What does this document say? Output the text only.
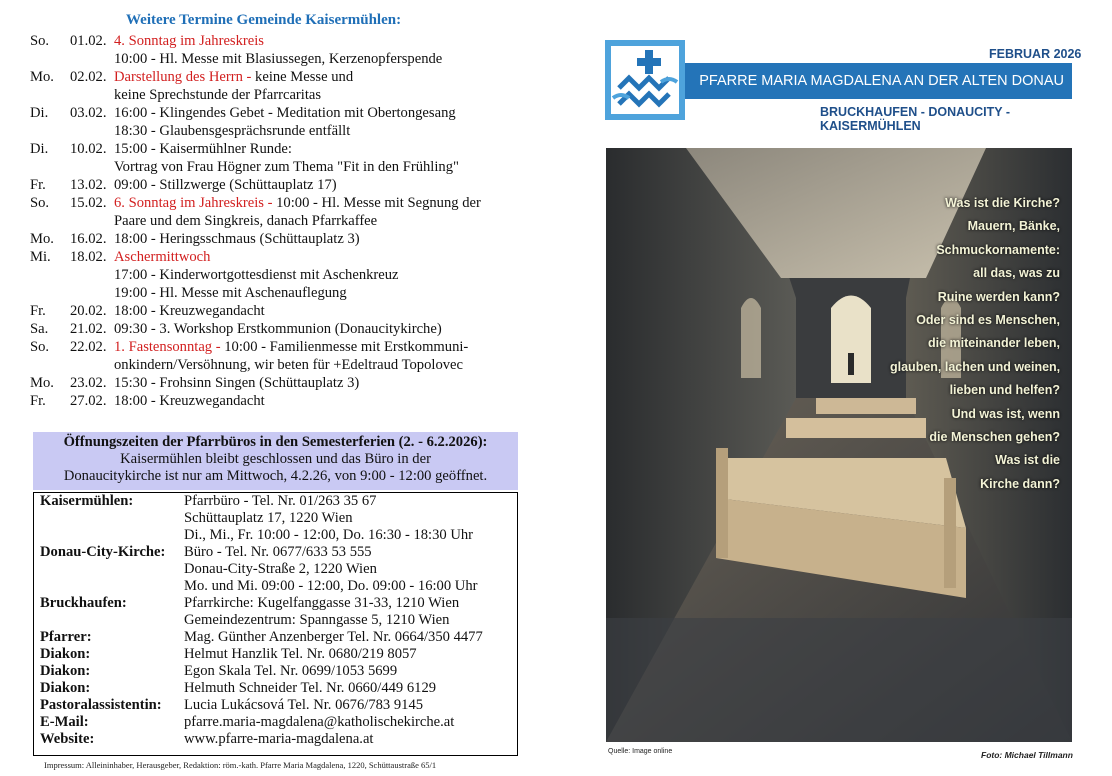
Weitere Termine Gemeinde Kaisermühlen:
So.	01.02. 4. Sonntag im Jahreskreis
10:00 - Hl. Messe mit Blasiussegen, Kerzenopferspende
Mo.	02.02. Darstellung des Herrn - keine Messe und
keine Sprechstunde der Pfarrcaritas
Di.	03.02. 16:00 - Klingendes Gebet - Meditation mit Obertongesang
18:30 - Glaubensgesprächsrunde entfällt
Di.	10.02. 15:00 - Kaisermühlner Runde:
Vortrag von Frau Högner zum Thema "Fit in den Frühling"
Fr.	13.02. 09:00 - Stillzwerge (Schüttauplatz 17)
So.	15.02. 6. Sonntag im Jahreskreis - 10:00 - Hl. Messe mit Segnung der
Paare und dem Singkreis, danach Pfarrkaffee
Mo.	16.02. 18:00 - Heringsschmaus (Schüttauplatz 3)
Mi.	18.02. Aschermittwoch
17:00 - Kinderwortgottesdienst mit Aschenkreuz
19:00 - Hl. Messe mit Aschenauflegung
Fr.	20.02. 18:00 - Kreuzwegandacht
Sa.	21.02. 09:30 - 3. Workshop Erstkommunion (Donaucitykirche)
So.	22.02. 1. Fastensonntag - 10:00 - Familienmesse mit Erstkommuni-
onkindern/Versöhnung, wir beten für +Edeltraud Topolovec
Mo.	23.02. 15:30 - Frohsinn Singen (Schüttauplatz 3)
Fr.	27.02. 18:00 - Kreuzwegandacht
Öffnungszeiten der Pfarrbüros in den Semesterferien (2. - 6.2.2026):
Kaisermühlen bleibt geschlossen und das Büro in der
Donaucitykirche ist nur am Mittwoch, 4.2.26, von 9:00 - 12:00 geöffnet.
Kaisermühlen:	Pfarrbüro - Tel. Nr. 01/263 35 67
Schüttauplatz 17, 1220 Wien
Di., Mi., Fr. 10:00 - 12:00, Do. 16:30 - 18:30 Uhr
Donau-City-Kirche:	Büro - Tel. Nr. 0677/633 53 555
Donau-City-Straße 2, 1220 Wien
Mo. und Mi. 09:00 - 12:00, Do. 09:00 - 16:00 Uhr
Bruckhaufen:	Pfarrkirche: Kugelfanggasse 31-33, 1210 Wien
Gemeindezentrum: Spanngasse 5, 1210 Wien
Pfarrer:	Mag. Günther Anzenberger Tel. Nr. 0664/350 4477
Diakon:	Helmut Hanzlik Tel. Nr. 0680/219 8057
Diakon:	Egon Skala Tel. Nr. 0699/1053 5699
Diakon:	Helmuth Schneider Tel. Nr. 0660/449 6129
Pastoralassistentin:	Lucia Lukácsová Tel. Nr. 0676/783 9145
E-Mail:	pfarre.maria-magdalena@katholischekirche.at
Website:	www.pfarre-maria-magdalena.at
Impressum: Alleininhaber, Herausgeber, Redaktion: röm.-kath. Pfarre Maria Magdalena, 1220, Schüttaustraße 65/1
FEBRUAR 2026
PFARRE MARIA MAGDALENA AN DER ALTEN DONAU
BRUCKHAUFEN - DONAUCITY - KAISERMÜHLEN
Was ist die Kirche?
Mauern, Bänke,
Schmuckornamente:
all das, was zu
Ruine werden kann?
Oder sind es Menschen,
die miteinander leben,
glauben, lachen und weinen,
lieben und helfen?
Und was ist, wenn
die Menschen gehen?
Was ist die
Kirche dann?
Quelle: Image online	Foto: Michael Tillmann
